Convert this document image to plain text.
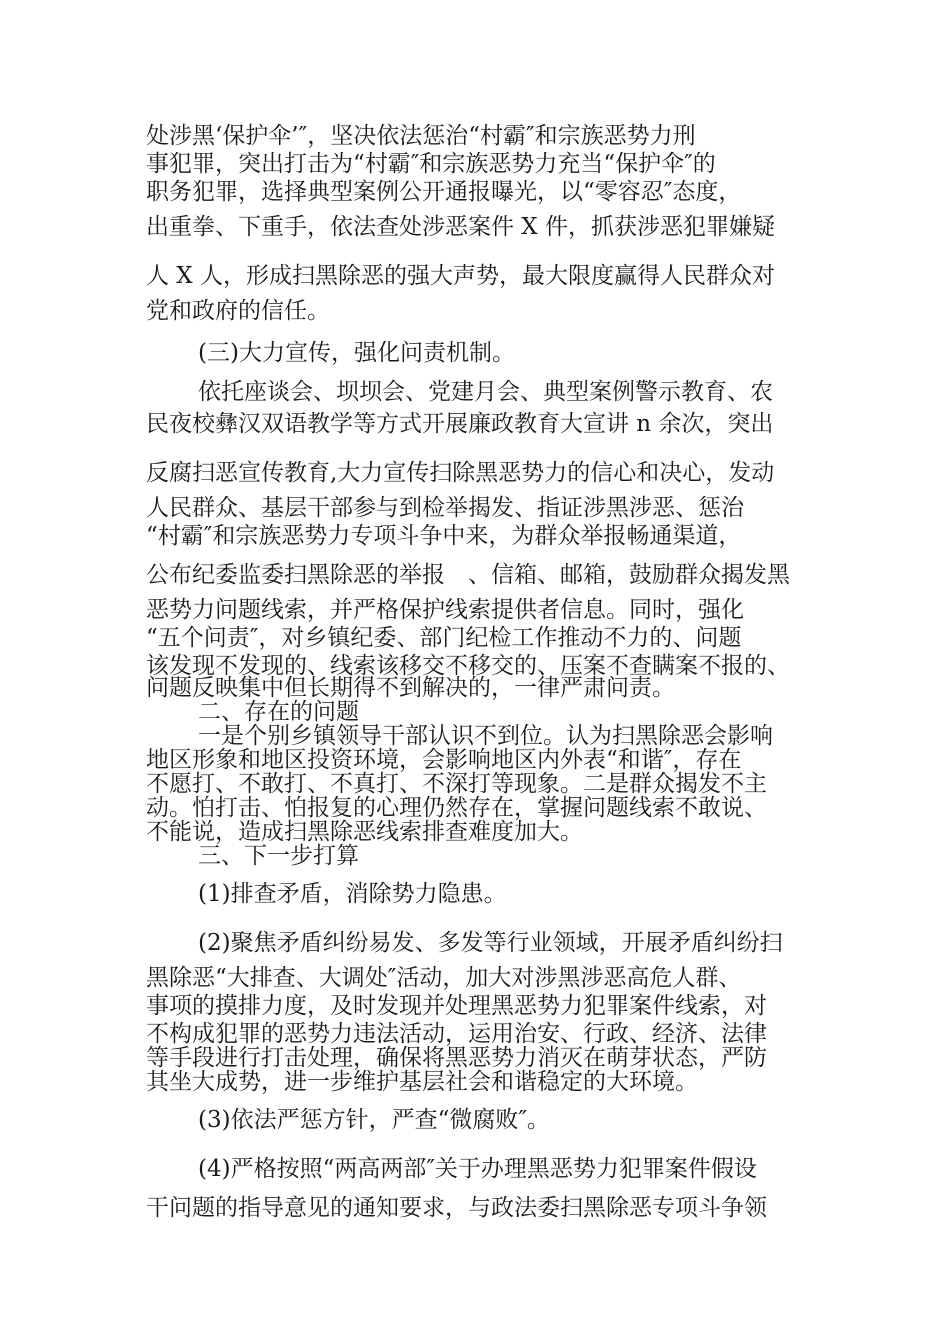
处涉黑‘保护伞’″，坚决依法惩治“村霸″和宗族恶势力刑

事犯罪，突出打击为“村霸″和宗族恶势力充当“保护伞″的

职务犯罪，选择典型案例公开通报曝光，以“零容忍″态度，

出重拳、下重手，依法查处涉恶案件 X 件，抓获涉恶犯罪嫌疑

人 X 人，形成扫黑除恶的强大声势，最大限度赢得人民群众对

党和政府的信任。

(三)大力宣传，强化问责机制。

依托座谈会、坝坝会、党建月会、典型案例警示教育、农

民夜校彝汉双语教学等方式开展廉政教育大宣讲 n 余次，突出

反腐扫恶宣传教育,大力宣传扫除黑恶势力的信心和决心，发动

人民群众、基层干部参与到检举揭发、指证涉黑涉恶、惩治

“村霸″和宗族恶势力专项斗争中来，为群众举报畅通渠道，

公布纪委监委扫黑除恶的举报　、信箱、邮箱，鼓励群众揭发黑

恶势力问题线索，并严格保护线索提供者信息。同时，强化

“五个问责″，对乡镇纪委、部门纪检工作推动不力的、问题

该发现不发现的、线索该移交不移交的、压案不查瞒案不报的、

问题反映集中但长期得不到解决的，一律严肃问责。

二、存在的问题

一是个别乡镇领导干部认识不到位。认为扫黑除恶会影响

地区形象和地区投资环境，会影响地区内外表“和谐″，存在

不愿打、不敢打、不真打、不深打等现象。二是群众揭发不主

动。怕打击、怕报复的心理仍然存在，掌握问题线索不敢说、

不能说，造成扫黑除恶线索排查难度加大。

三、下一步打算

(1)排查矛盾，消除势力隐患。

(2)聚焦矛盾纠纷易发、多发等行业领域，开展矛盾纠纷扫

黑除恶“大排查、大调处″活动，加大对涉黑涉恶高危人群、

事项的摸排力度，及时发现并处理黑恶势力犯罪案件线索，对

不构成犯罪的恶势力违法活动，运用治安、行政、经济、法律

等手段进行打击处理，确保将黑恶势力消灭在萌芽状态，严防

其坐大成势，进一步维护基层社会和谐稳定的大环境。

(3)依法严惩方针，严查“微腐败″。

(4)严格按照“两高两部″关于办理黑恶势力犯罪案件假设

干问题的指导意见的通知要求，与政法委扫黑除恶专项斗争领
